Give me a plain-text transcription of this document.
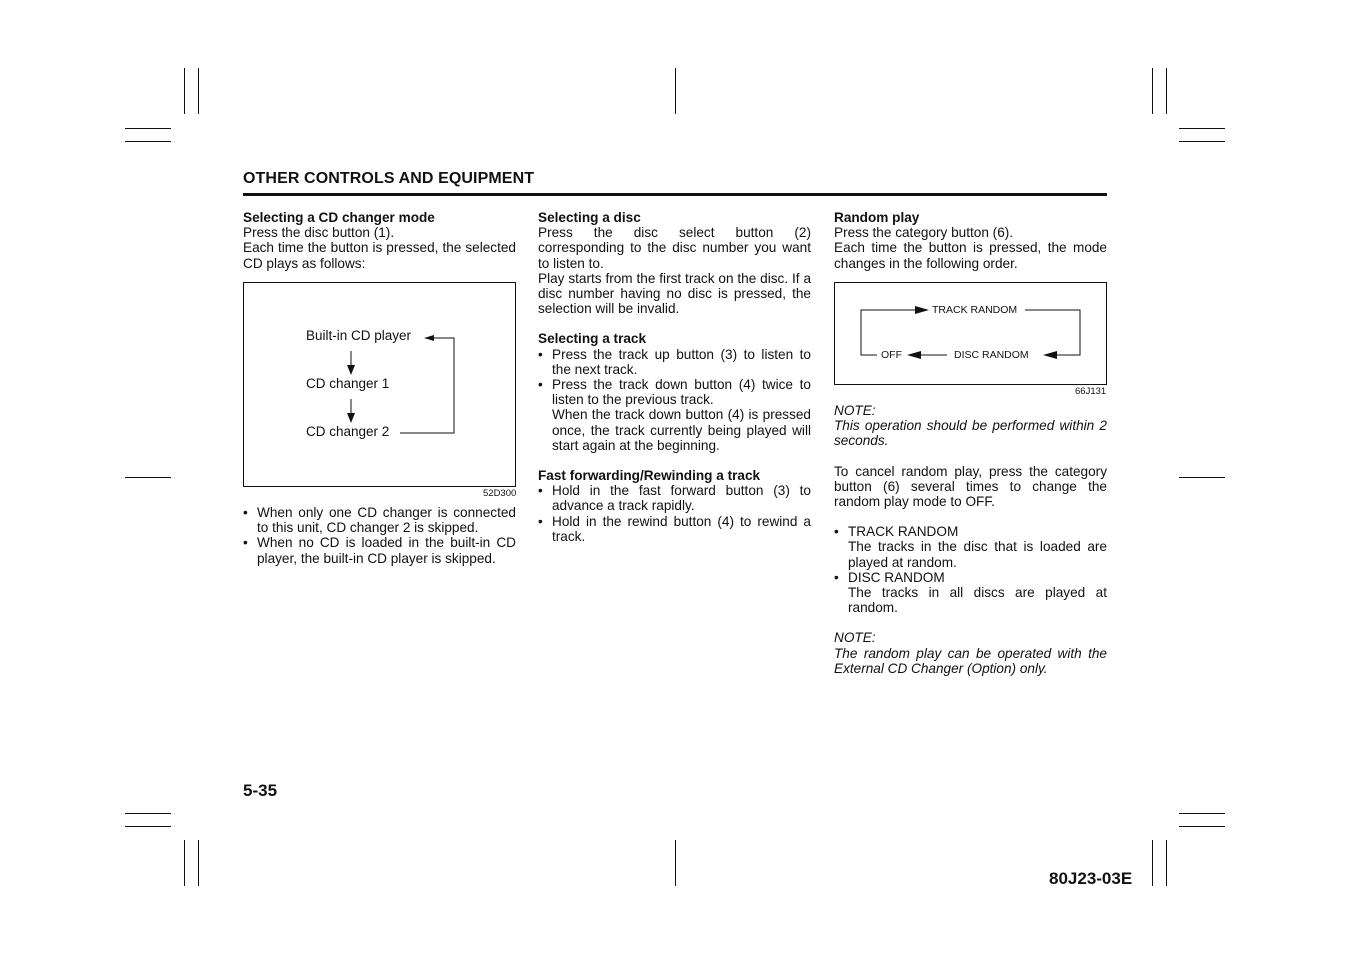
OTHER CONTROLS AND EQUIPMENT

Selecting a CD changer mode

Press the disc button (1).

Each time the button is pressed, the selected CD plays as follows:

Built-in CD player
CD changer 1
CD changer 2
52D300

• When only one CD changer is connected to this unit, CD changer 2 is skipped.

• When no CD is loaded in the built-in CD player, the built-in CD player is skipped.

Selecting a disc

Press the disc select button (2) corresponding to the disc number you want to listen to.

Play starts from the first track on the disc. If a disc number having no disc is pressed, the selection will be invalid.

Selecting a track

• Press the track up button (3) to listen to the next track.

• Press the track down button (4) twice to listen to the previous track.

When the track down button (4) is pressed once, the track currently being played will start again at the beginning.

Fast forwarding/Rewinding a track

• Hold in the fast forward button (3) to advance a track rapidly.

• Hold in the rewind button (4) to rewind a track.

Random play

Press the category button (6).

Each time the button is pressed, the mode changes in the following order.

TRACK RANDOM
OFF	DISC RANDOM
66J131

NOTE:

This operation should be performed within 2 seconds.

To cancel random play, press the category button (6) several times to change the random play mode to OFF.

• TRACK RANDOM

The tracks in the disc that is loaded are played at random.

• DISC RANDOM

The tracks in all discs are played at random.

NOTE:

The random play can be operated with the External CD Changer (Option) only.

5-35
80J23-03E
